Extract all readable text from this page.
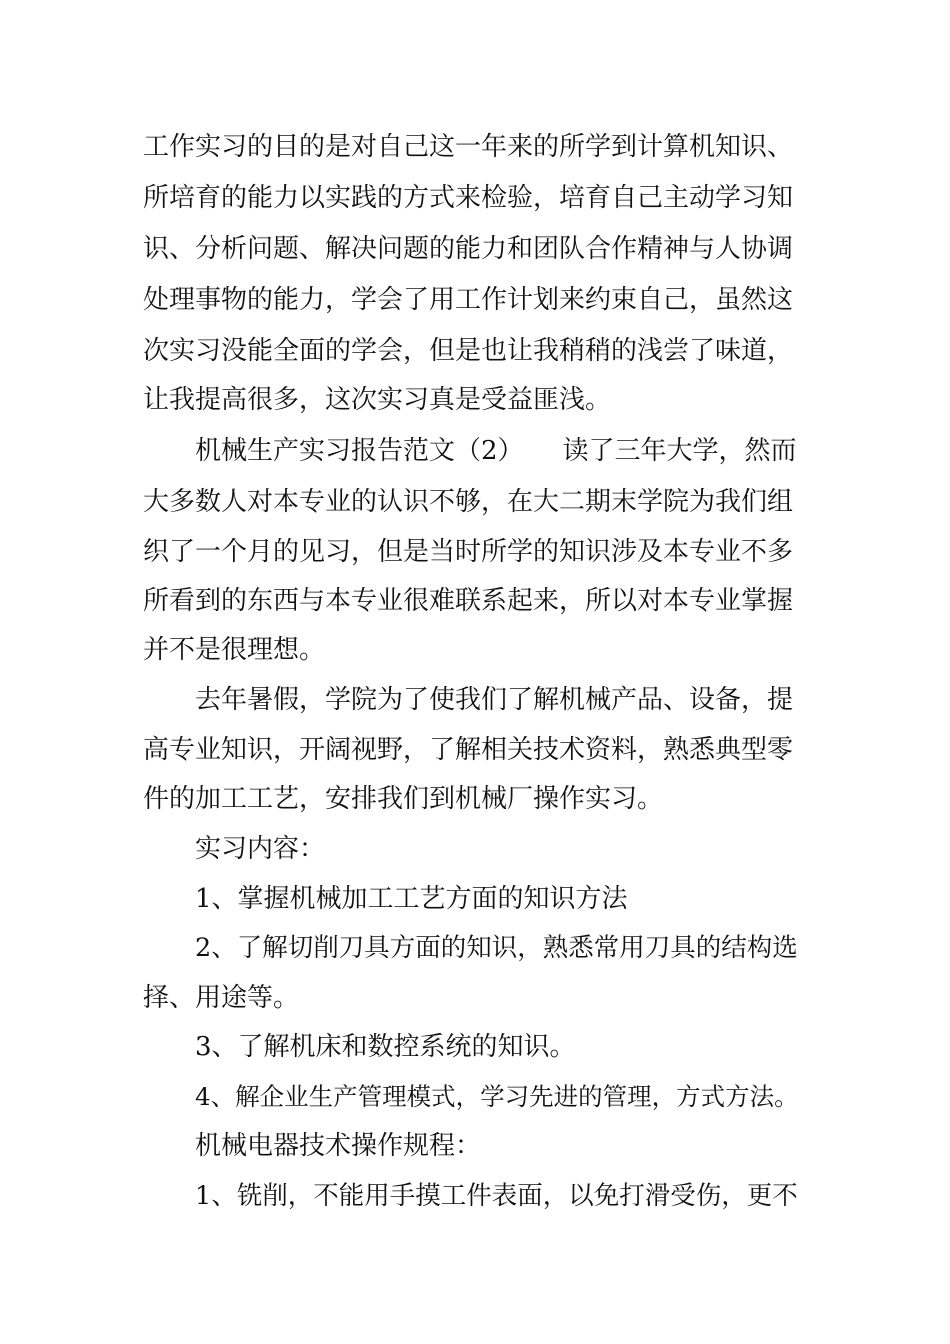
工作实习的目的是对自己这一年来的所学到计算机知识、
所培育的能力以实践的方式来检验，培育自己主动学习知
识、分析问题、解决问题的能力和团队合作精神与人协调
处理事物的能力，学会了用工作计划来约束自己，虽然这
次实习没能全面的学会，但是也让我稍稍的浅尝了味道，
让我提高很多，这次实习真是受益匪浅。
机械生产实习报告范文（2）　　读了三年大学，然而
大多数人对本专业的认识不够，在大二期末学院为我们组
织了一个月的见习，但是当时所学的知识涉及本专业不多
所看到的东西与本专业很难联系起来，所以对本专业掌握
并不是很理想。
去年暑假，学院为了使我们了解机械产品、设备，提
高专业知识，开阔视野，了解相关技术资料，熟悉典型零
件的加工工艺，安排我们到机械厂操作实习。
实习内容：
1、掌握机械加工工艺方面的知识方法
2、了解切削刀具方面的知识，熟悉常用刀具的结构选
择、用途等。
3、了解机床和数控系统的知识。
4、解企业生产管理模式，学习先进的管理，方式方法。
机械电器技术操作规程：
1、铣削，不能用手摸工件表面，以免打滑受伤，更不
